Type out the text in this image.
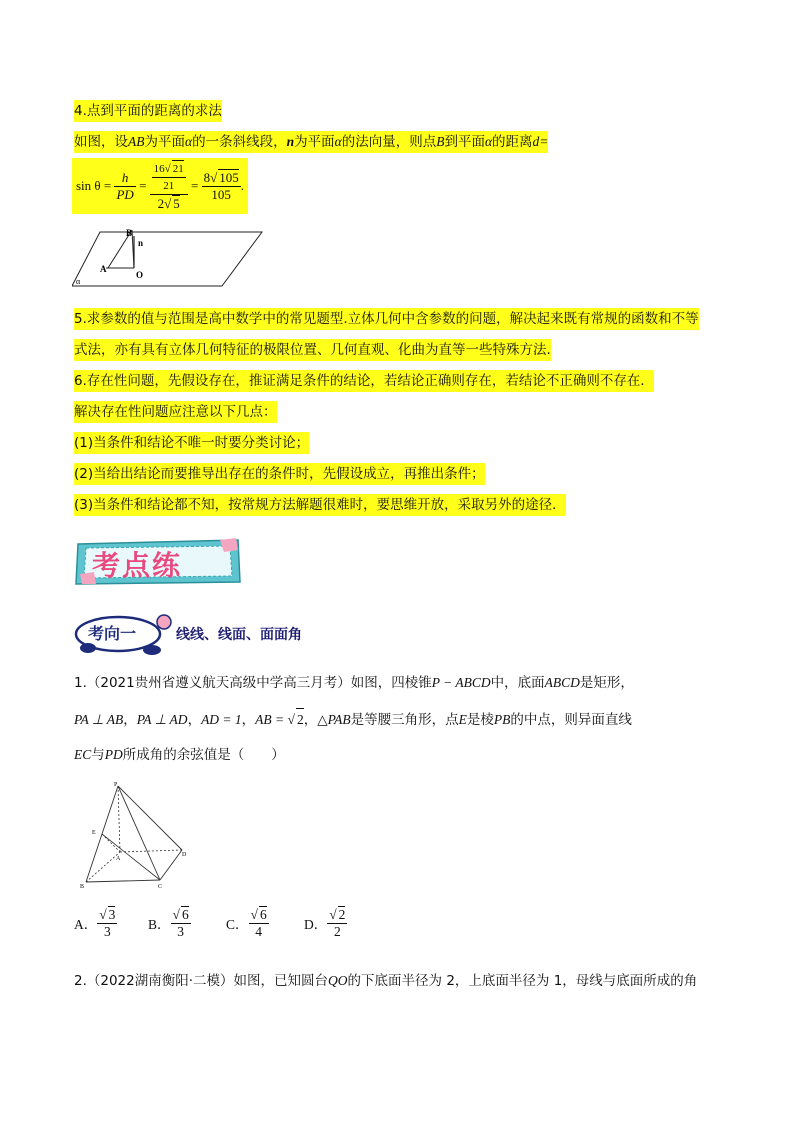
4.点到平面的距离的求法
如图，设AB为平面α的一条斜线段，n为平面α的法向量，则点B到平面α的距离d=
sin θ =
$\frac{h}{PD}$
=
$\frac{\frac{16√ 21}{21}}{2√ 5}$
=
$\frac{8√ 105}{105}$ .
B
n
A
O
α
5.求参数的值与范围是高中数学中的常见题型.立体几何中含参数的问题，解决起来既有常规的函数和不等
式法，亦有具有立体几何特征的极限位置、几何直观、化曲为直等一些特殊方法.
6.存在性问题，先假设存在，推证满足条件的结论，若结论正确则存在，若结论不正确则不存在．
解决存在性问题应注意以下几点：
(1)当条件和结论不唯一时要分类讨论；
(2)当给出结论而要推导出存在的条件时，先假设成立，再推出条件；
(3)当条件和结论都不知，按常规方法解题很难时，要思维开放，采取另外的途径．
考点练
考向一	线线、线面、面面角
1.（2021贵州省遵义航天高级中学高三月考）如图，四棱锥P − ABCD中，底面ABCD是矩形，
PA ⊥ AB，PA ⊥ AD，AD = 1，AB = √ 2，△PAB是等腰三角形，点E是棱PB的中点，则异面直线
EC与PD所成角的余弦值是（　　）
P
E
A
D
B	C
A． $\frac{√ 3}{3}$ B． $\frac{√ 6}{3}$	C． $\frac{√ 6}{4}$	D． $\frac{√ 2}{2}$
2.（2022湖南衡阳·二模）如图，已知圆台QO的下底面半径为 2，上底面半径为 1，母线与底面所成的角
